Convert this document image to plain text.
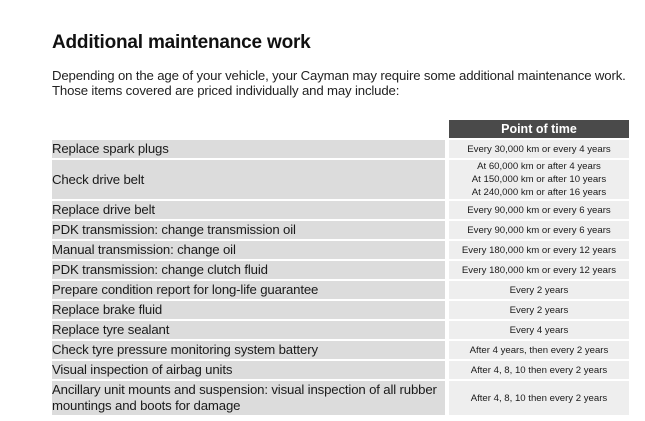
Additional maintenance work
Depending on the age of your vehicle, your Cayman may require some additional maintenance work.
Those items covered are priced individually and may include:
	Point of time
Replace spark plugs	Every 30,000 km or every 4 years
Check drive belt	At 60,000 km or after 4 years
At 150,000 km or after 10 years
At 240,000 km or after 16 years

Replace drive belt	Every 90,000 km or every 6 years
PDK transmission: change transmission oil	Every 90,000 km or every 6 years
Manual transmission: change oil	Every 180,000 km or every 12 years
PDK transmission: change clutch fluid	Every 180,000 km or every 12 years
Prepare condition report for long-life guarantee	Every 2 years
Replace brake fluid	Every 2 years
Replace tyre sealant	Every 4 years
Check tyre pressure monitoring system battery	After 4 years, then every 2 years
Visual inspection of airbag units	After 4, 8, 10 then every 2 years

Ancillary unit mounts and suspension: visual inspection of all rubber
mountings and boots for damage	After 4, 8, 10 then every 2 years
